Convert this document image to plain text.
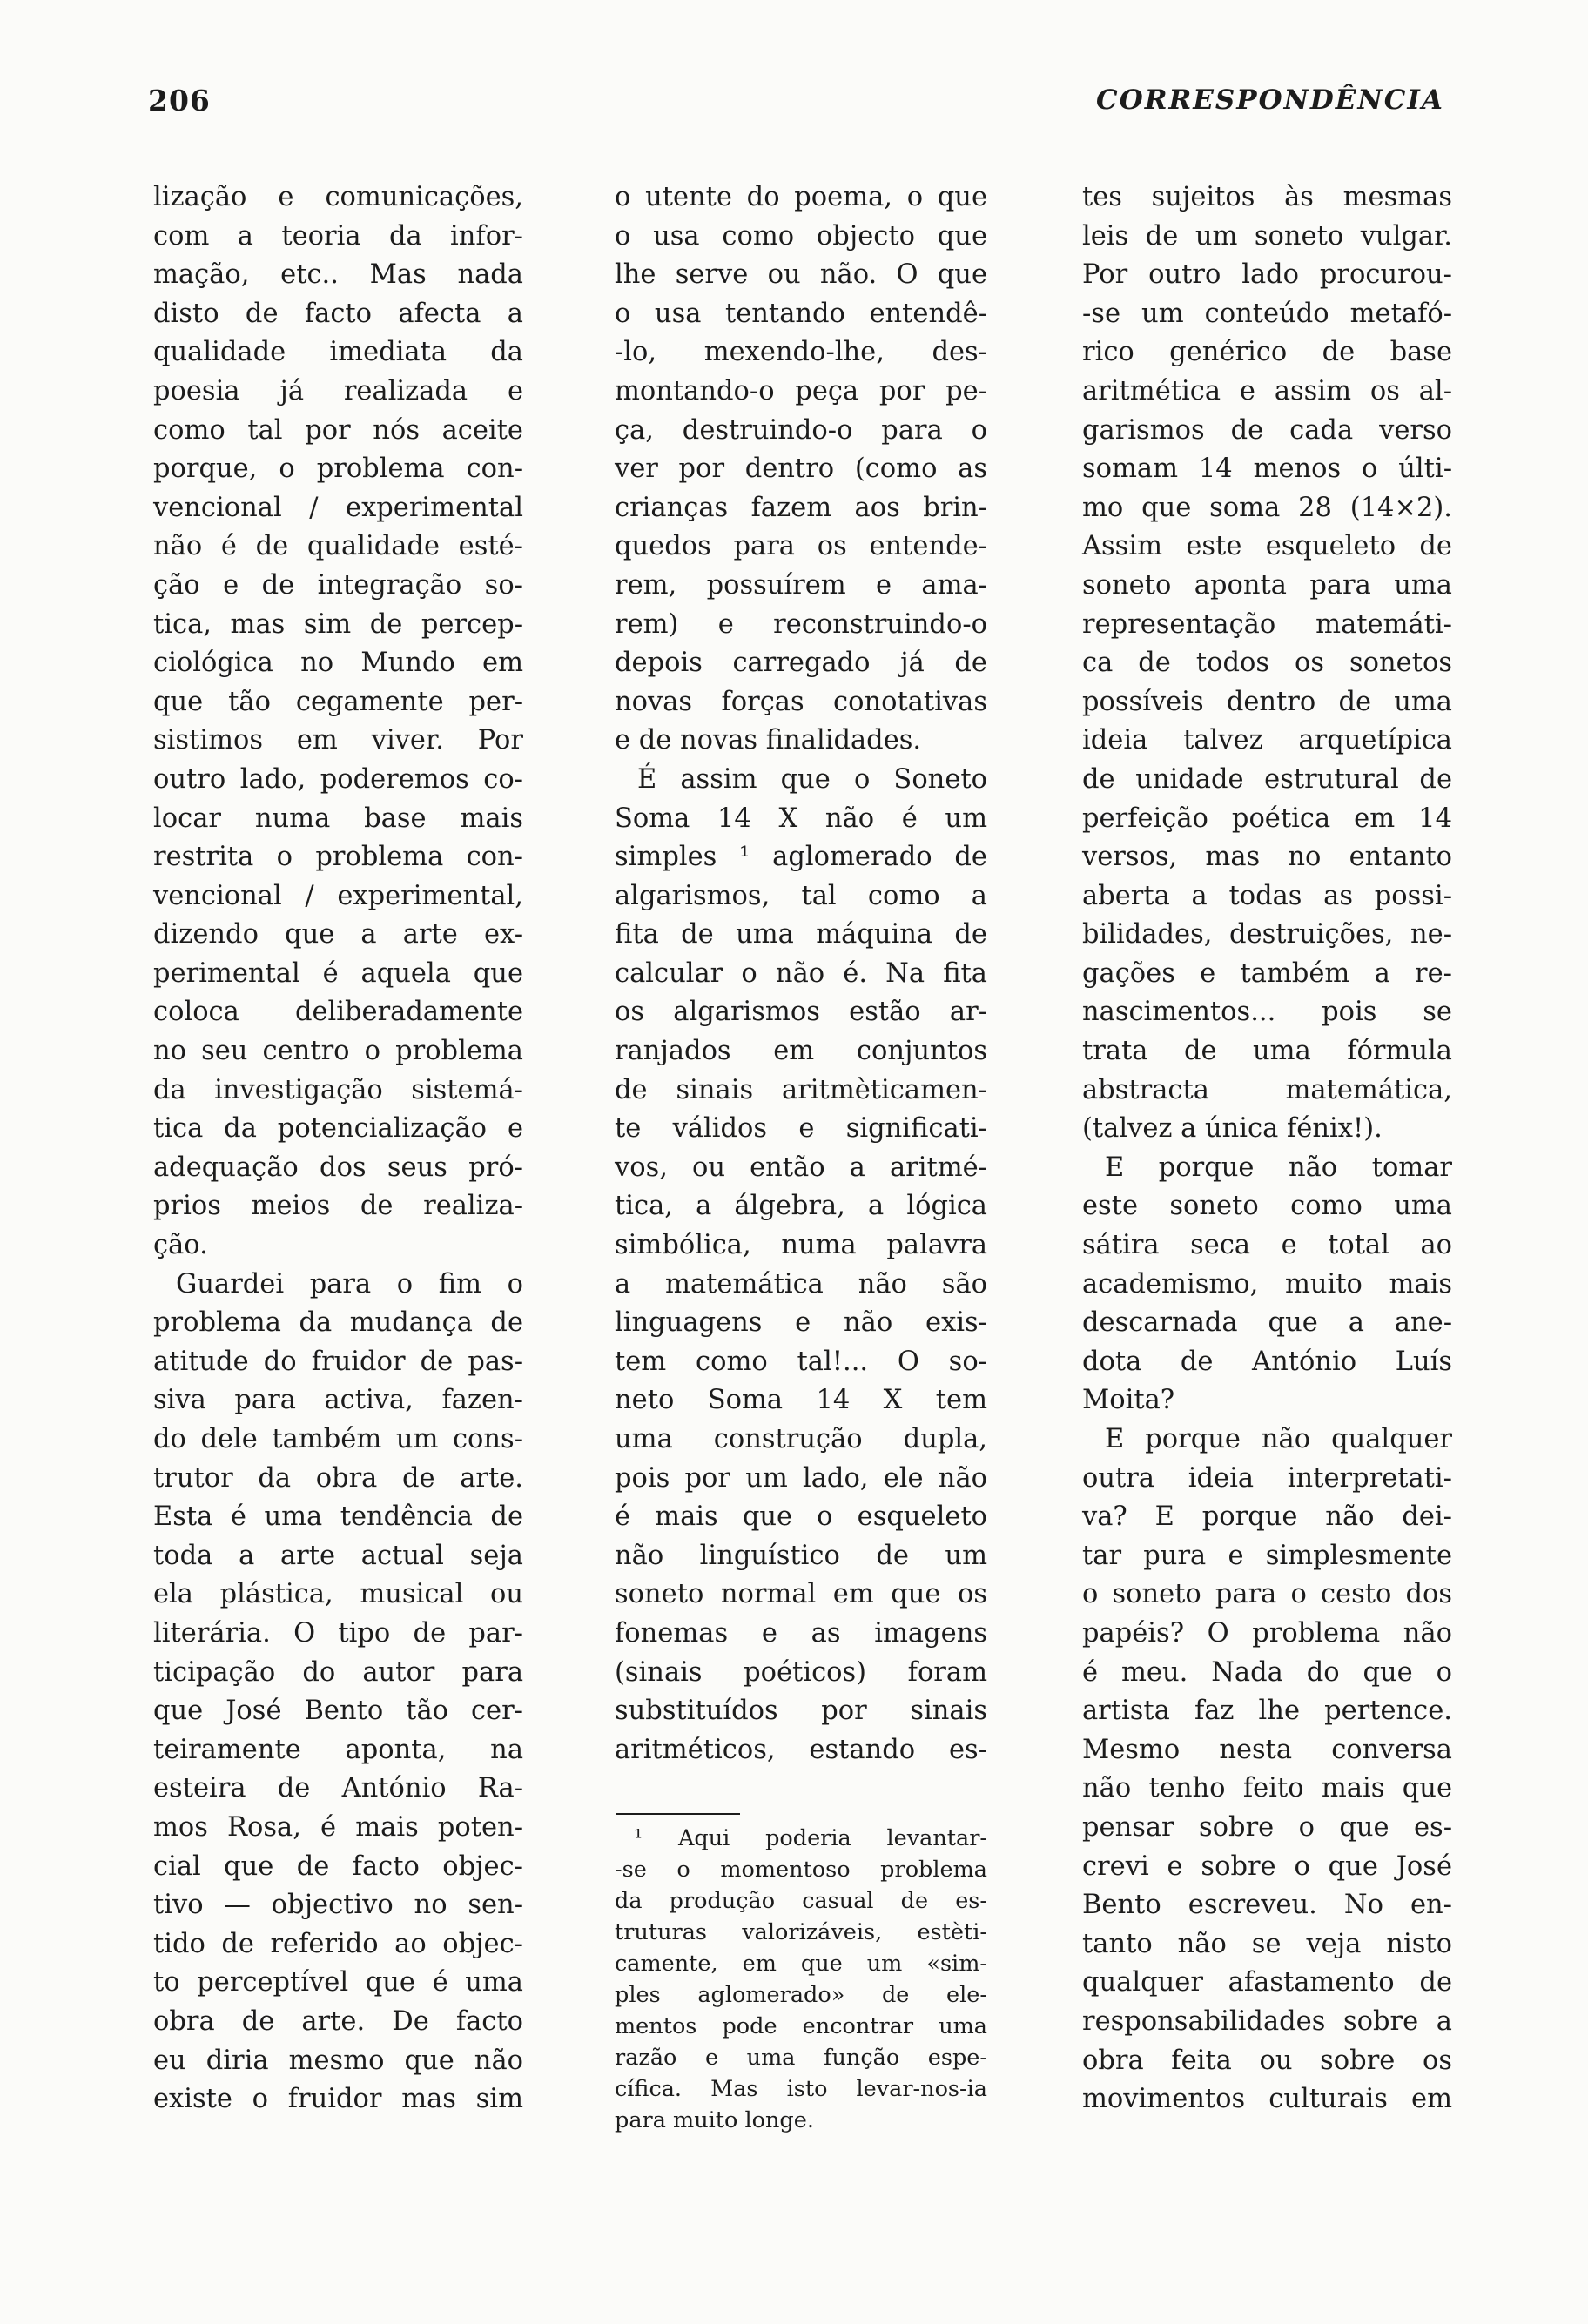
206	CORRESPONDÊNCIA
lização e comunicações,
com a teoria da infor-
mação, etc.. Mas nada
disto de facto afecta a
qualidade imediata da
poesia já realizada e
como tal por nós aceite
porque, o problema con-
vencional / experimental
não é de qualidade esté-
ção e de integração so-
tica, mas sim de percep-
ciológica no Mundo em
que tão cegamente per-
sistimos em viver. Por
outro lado, poderemos co-
locar numa base mais
restrita o problema con-
vencional / experimental,
dizendo que a arte ex-
perimental é aquela que
coloca deliberadamente
no seu centro o problema
da investigação sistemá-
tica da potencialização e
adequação dos seus pró-
prios meios de realiza-
ção.
Guardei para o fim o
problema da mudança de
atitude do fruidor de pas-
siva para activa, fazen-
do dele também um cons-
trutor da obra de arte.
Esta é uma tendência de
toda a arte actual seja
ela plástica, musical ou
literária. O tipo de par-
ticipação do autor para
que José Bento tão cer-
teiramente aponta, na
esteira de António Ra-
mos Rosa, é mais poten-
cial que de facto objec-
tivo — objectivo no sen-
tido de referido ao objec-
to perceptível que é uma
obra de arte. De facto
eu diria mesmo que não
existe o fruidor mas sim
o utente do poema, o que
o usa como objecto que
lhe serve ou não. O que
o usa tentando entendê-
-lo, mexendo-lhe, des-
montando-o peça por pe-
ça, destruindo-o para o
ver por dentro (como as
crianças fazem aos brin-
quedos para os entende-
rem, possuírem e ama-
rem) e reconstruindo-o
depois carregado já de
novas forças conotativas
e de novas finalidades.
É assim que o Soneto
Soma 14 X não é um
simples ¹ aglomerado de
algarismos, tal como a
fita de uma máquina de
calcular o não é. Na fita
os algarismos estão ar-
ranjados em conjuntos
de sinais aritmèticamen-
te válidos e significati-
vos, ou então a aritmé-
tica, a álgebra, a lógica
simbólica, numa palavra
a matemática não são
linguagens e não exis-
tem como tal!... O so-
neto Soma 14 X tem
uma construção dupla,
pois por um lado, ele não
é mais que o esqueleto
não linguístico de um
soneto normal em que os
fonemas e as imagens
(sinais poéticos) foram
substituídos por sinais
aritméticos, estando es-
tes sujeitos às mesmas
leis de um soneto vulgar.
Por outro lado procurou-
-se um conteúdo metafó-
rico genérico de base
aritmética e assim os al-
garismos de cada verso
somam 14 menos o últi-
mo que soma 28 (14×2).
Assim este esqueleto de
soneto aponta para uma
representação matemáti-
ca de todos os sonetos
possíveis dentro de uma
ideia talvez arquetípica
de unidade estrutural de
perfeição poética em 14
versos, mas no entanto
aberta a todas as possi-
bilidades, destruições, ne-
gações e também a re-
nascimentos... pois se
trata de uma fórmula
abstracta matemática,
(talvez a única fénix!).
E porque não tomar
este soneto como uma
sátira seca e total ao
academismo, muito mais
descarnada que a ane-
dota de António Luís
Moita?
E porque não qualquer
outra ideia interpretati-
va? E porque não dei-
tar pura e simplesmente
o soneto para o cesto dos
papéis? O problema não
é meu. Nada do que o
artista faz lhe pertence.
Mesmo nesta conversa
não tenho feito mais que
pensar sobre o que es-
crevi e sobre o que José
Bento escreveu. No en-
tanto não se veja nisto
qualquer afastamento de
responsabilidades sobre a
obra feita ou sobre os
movimentos culturais em
¹ Aqui poderia levantar-
-se o momentoso problema
da produção casual de es-
truturas valorizáveis, estèti-
camente, em que um «sim-
ples aglomerado» de ele-
mentos pode encontrar uma
razão e uma função espe-
cífica. Mas isto levar-nos-ia
para muito longe.
